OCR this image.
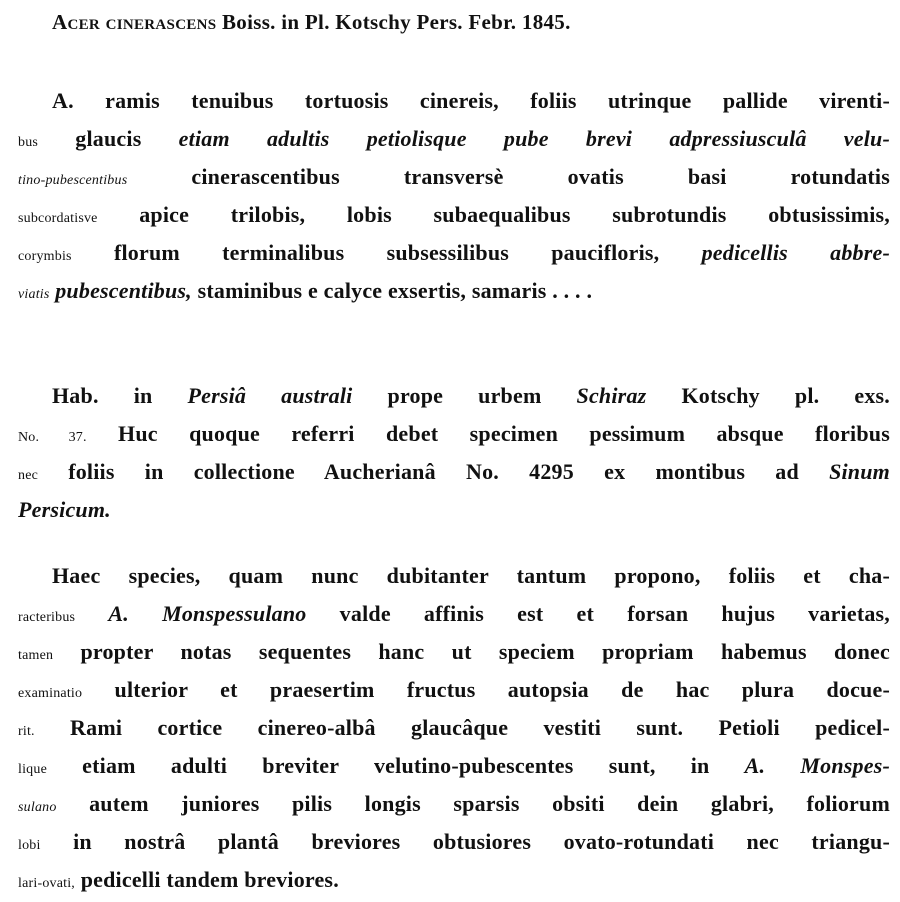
Acer cinerascens Boiss. in Pl. Kotschy Pers. Febr. 1845.
A. ramis tenuibus tortuosis cinereis, foliis utrinque pallide virenti-
bus glaucis etiam adultis petiolisque pube brevi adpressiusculâ velu-
tino-pubescentibus cinerascentibus transversè ovatis basi rotundatis
subcordatisve apice trilobis, lobis subaequalibus subrotundis obtusissimis,
corymbis florum terminalibus subsessilibus paucifloris, pedicellis abbre-
viatis pubescentibus, staminibus e calyce exsertis, samaris . . . .
Hab. in Persiâ australi prope urbem Schiraz Kotschy pl. exs.
No. 37. Huc quoque referri debet specimen pessimum absque floribus
nec foliis in collectione Aucherianâ No. 4295 ex montibus ad Sinum
Persicum.
Haec species, quam nunc dubitanter tantum propono, foliis et cha-
racteribus A. Monspessulano valde affinis est et forsan hujus varietas,
tamen propter notas sequentes hanc ut speciem propriam habemus donec
examinatio ulterior et praesertim fructus autopsia de hac plura docue-
rit. Rami cortice cinereo-albâ glaucâque vestiti sunt. Petioli pedicel-
lique etiam adulti breviter velutino-pubescentes sunt, in A. Monspes-
sulano autem juniores pilis longis sparsis obsiti dein glabri, foliorum
lobi in nostrâ plantâ breviores obtusiores ovato-rotundati nec triangu-
lari-ovati, pedicelli tandem breviores.
